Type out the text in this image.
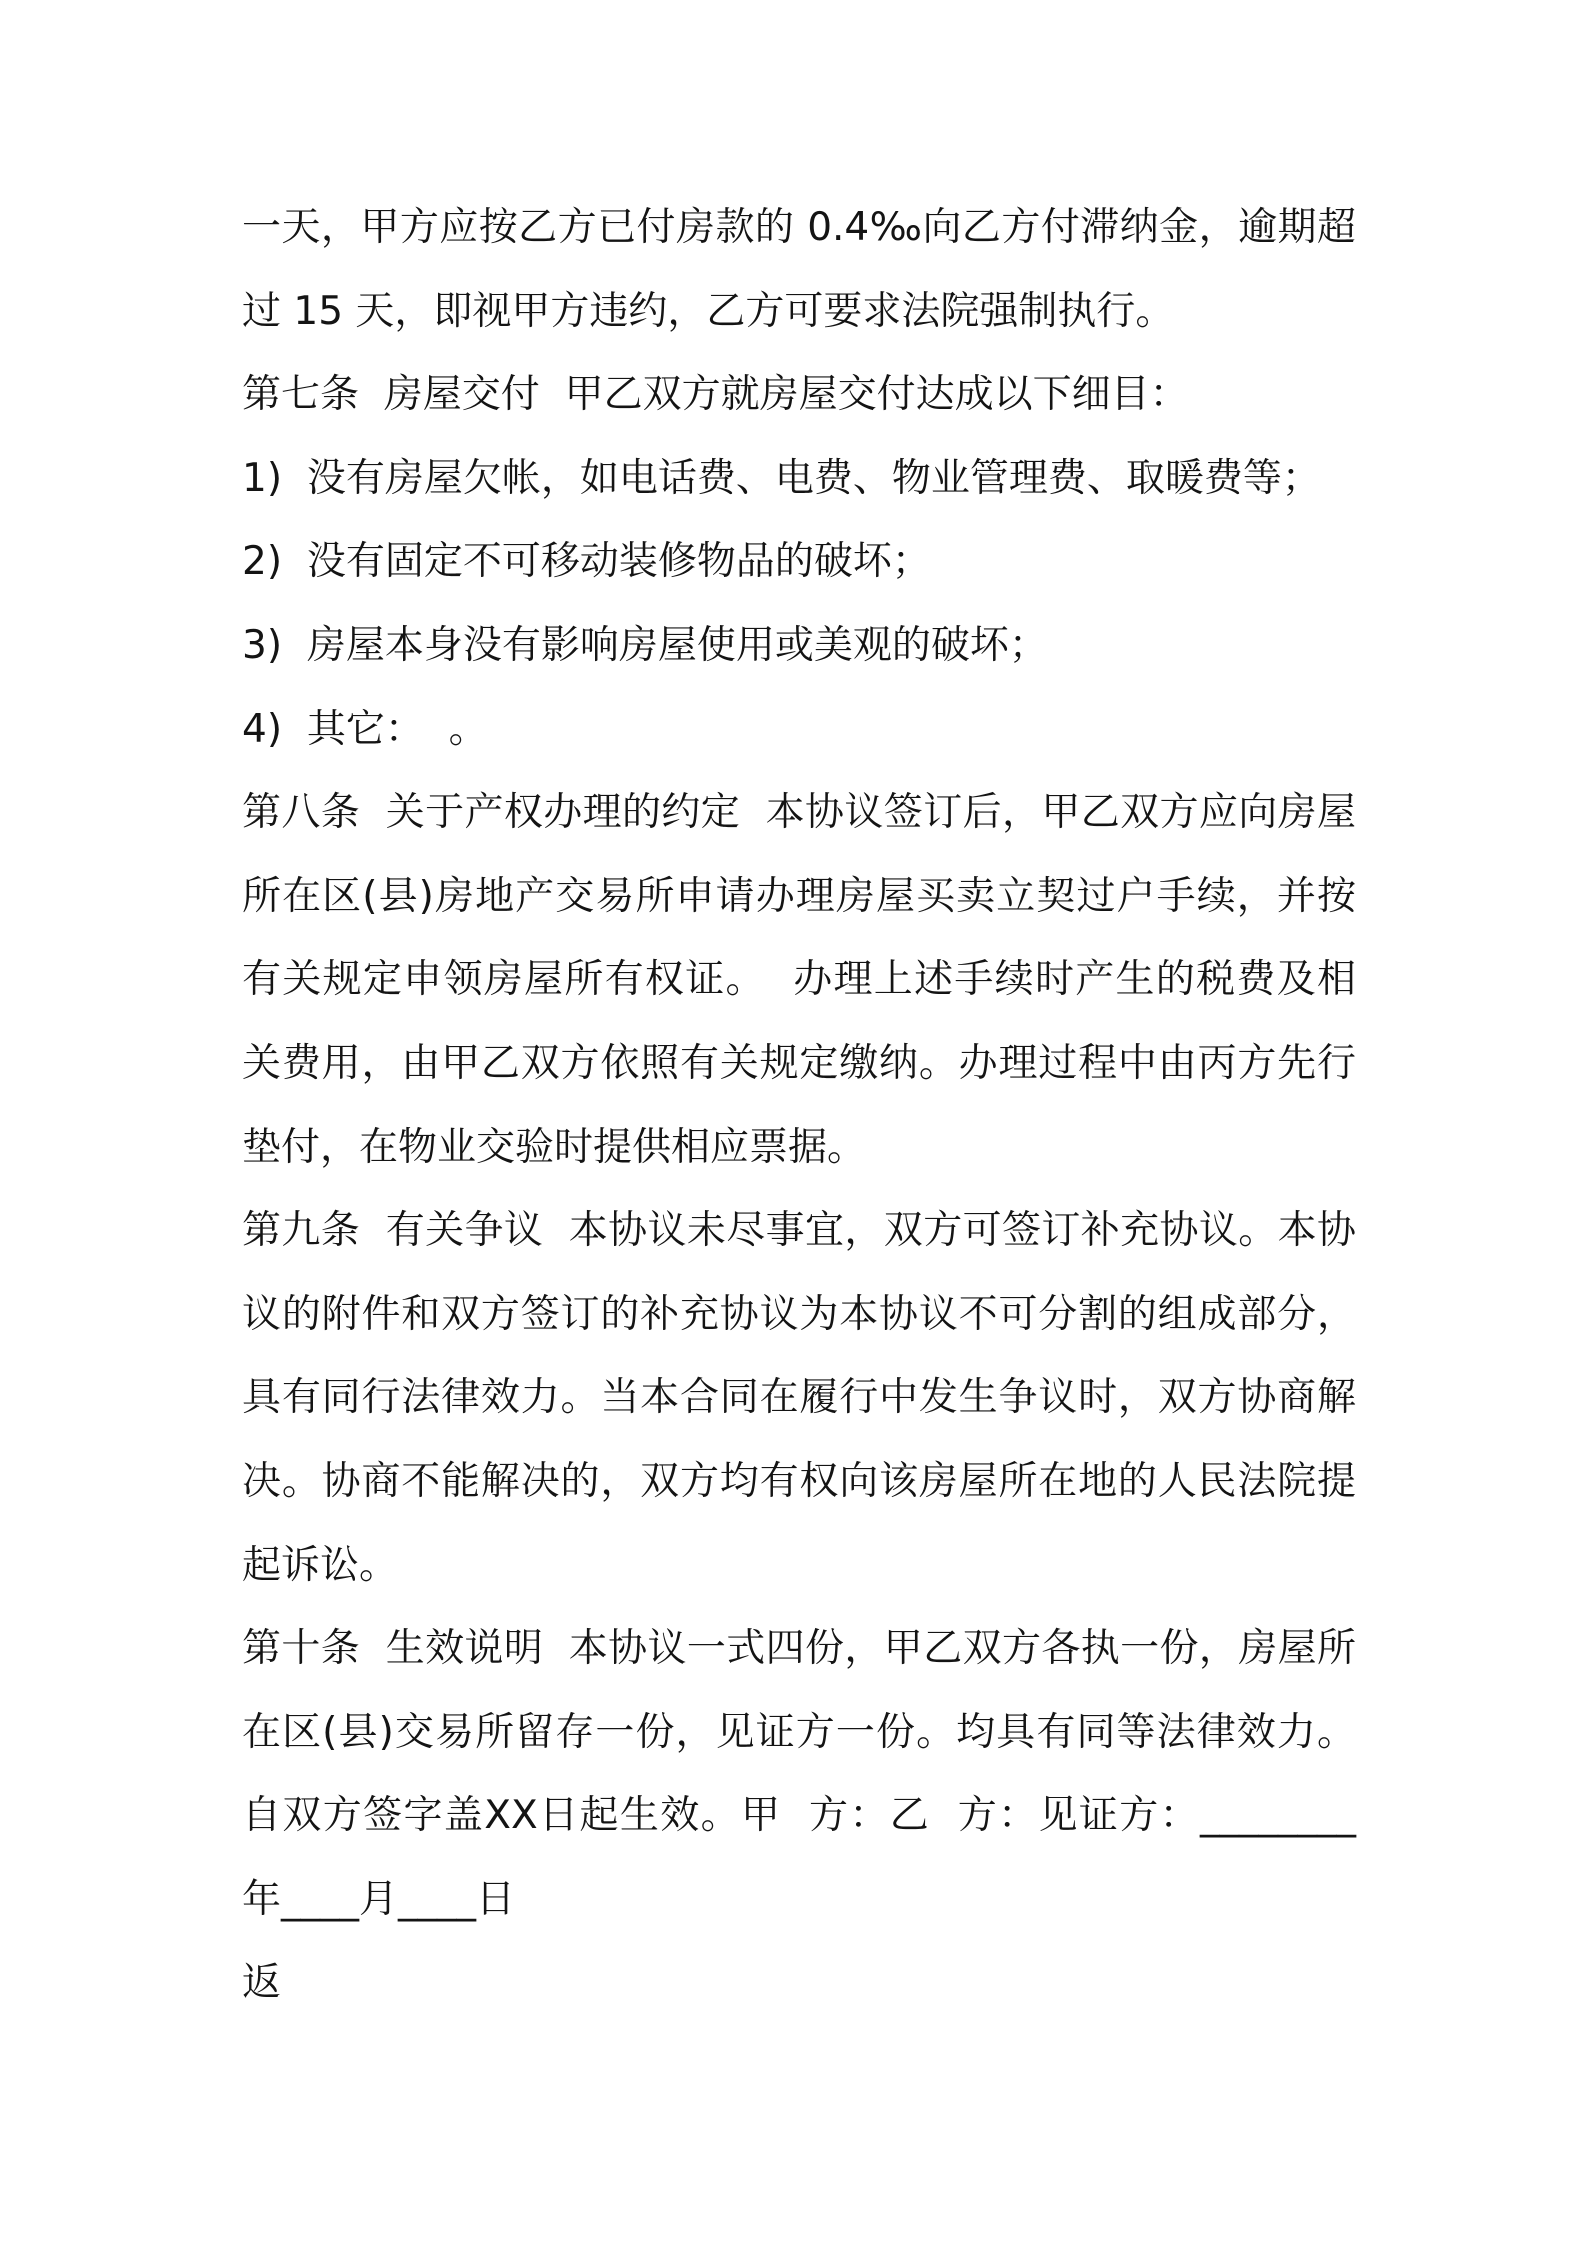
一天，甲方应按乙方已付房款的 0.4‰向乙方付滞纳金，逾期超
过 15 天，即视甲方违约，乙方可要求法院强制执行。
第七条  房屋交付  甲乙双方就房屋交付达成以下细目：
1)  没有房屋欠帐，如电话费、电费、物业管理费、取暖费等；
2)  没有固定不可移动装修物品的破坏；
3)  房屋本身没有影响房屋使用或美观的破坏；
4)  其它：  。
第八条  关于产权办理的约定  本协议签订后，甲乙双方应向房屋
所在区(县)房地产交易所申请办理房屋买卖立契过户手续，并按
有关规定申领房屋所有权证。  办理上述手续时产生的税费及相
关费用，由甲乙双方依照有关规定缴纳。办理过程中由丙方先行
垫付，在物业交验时提供相应票据。
第九条  有关争议  本协议未尽事宜，双方可签订补充协议。本协
议的附件和双方签订的补充协议为本协议不可分割的组成部分，
具有同行法律效力。当本合同在履行中发生争议时，双方协商解
决。协商不能解决的，双方均有权向该房屋所在地的人民法院提
起诉讼。
第十条  生效说明  本协议一式四份，甲乙双方各执一份，房屋所
在区(县)交易所留存一份，见证方一份。均具有同等法律效力。
自双方签字盖XX日起生效。甲  方：乙  方：见证方：________
年____月____日
返
